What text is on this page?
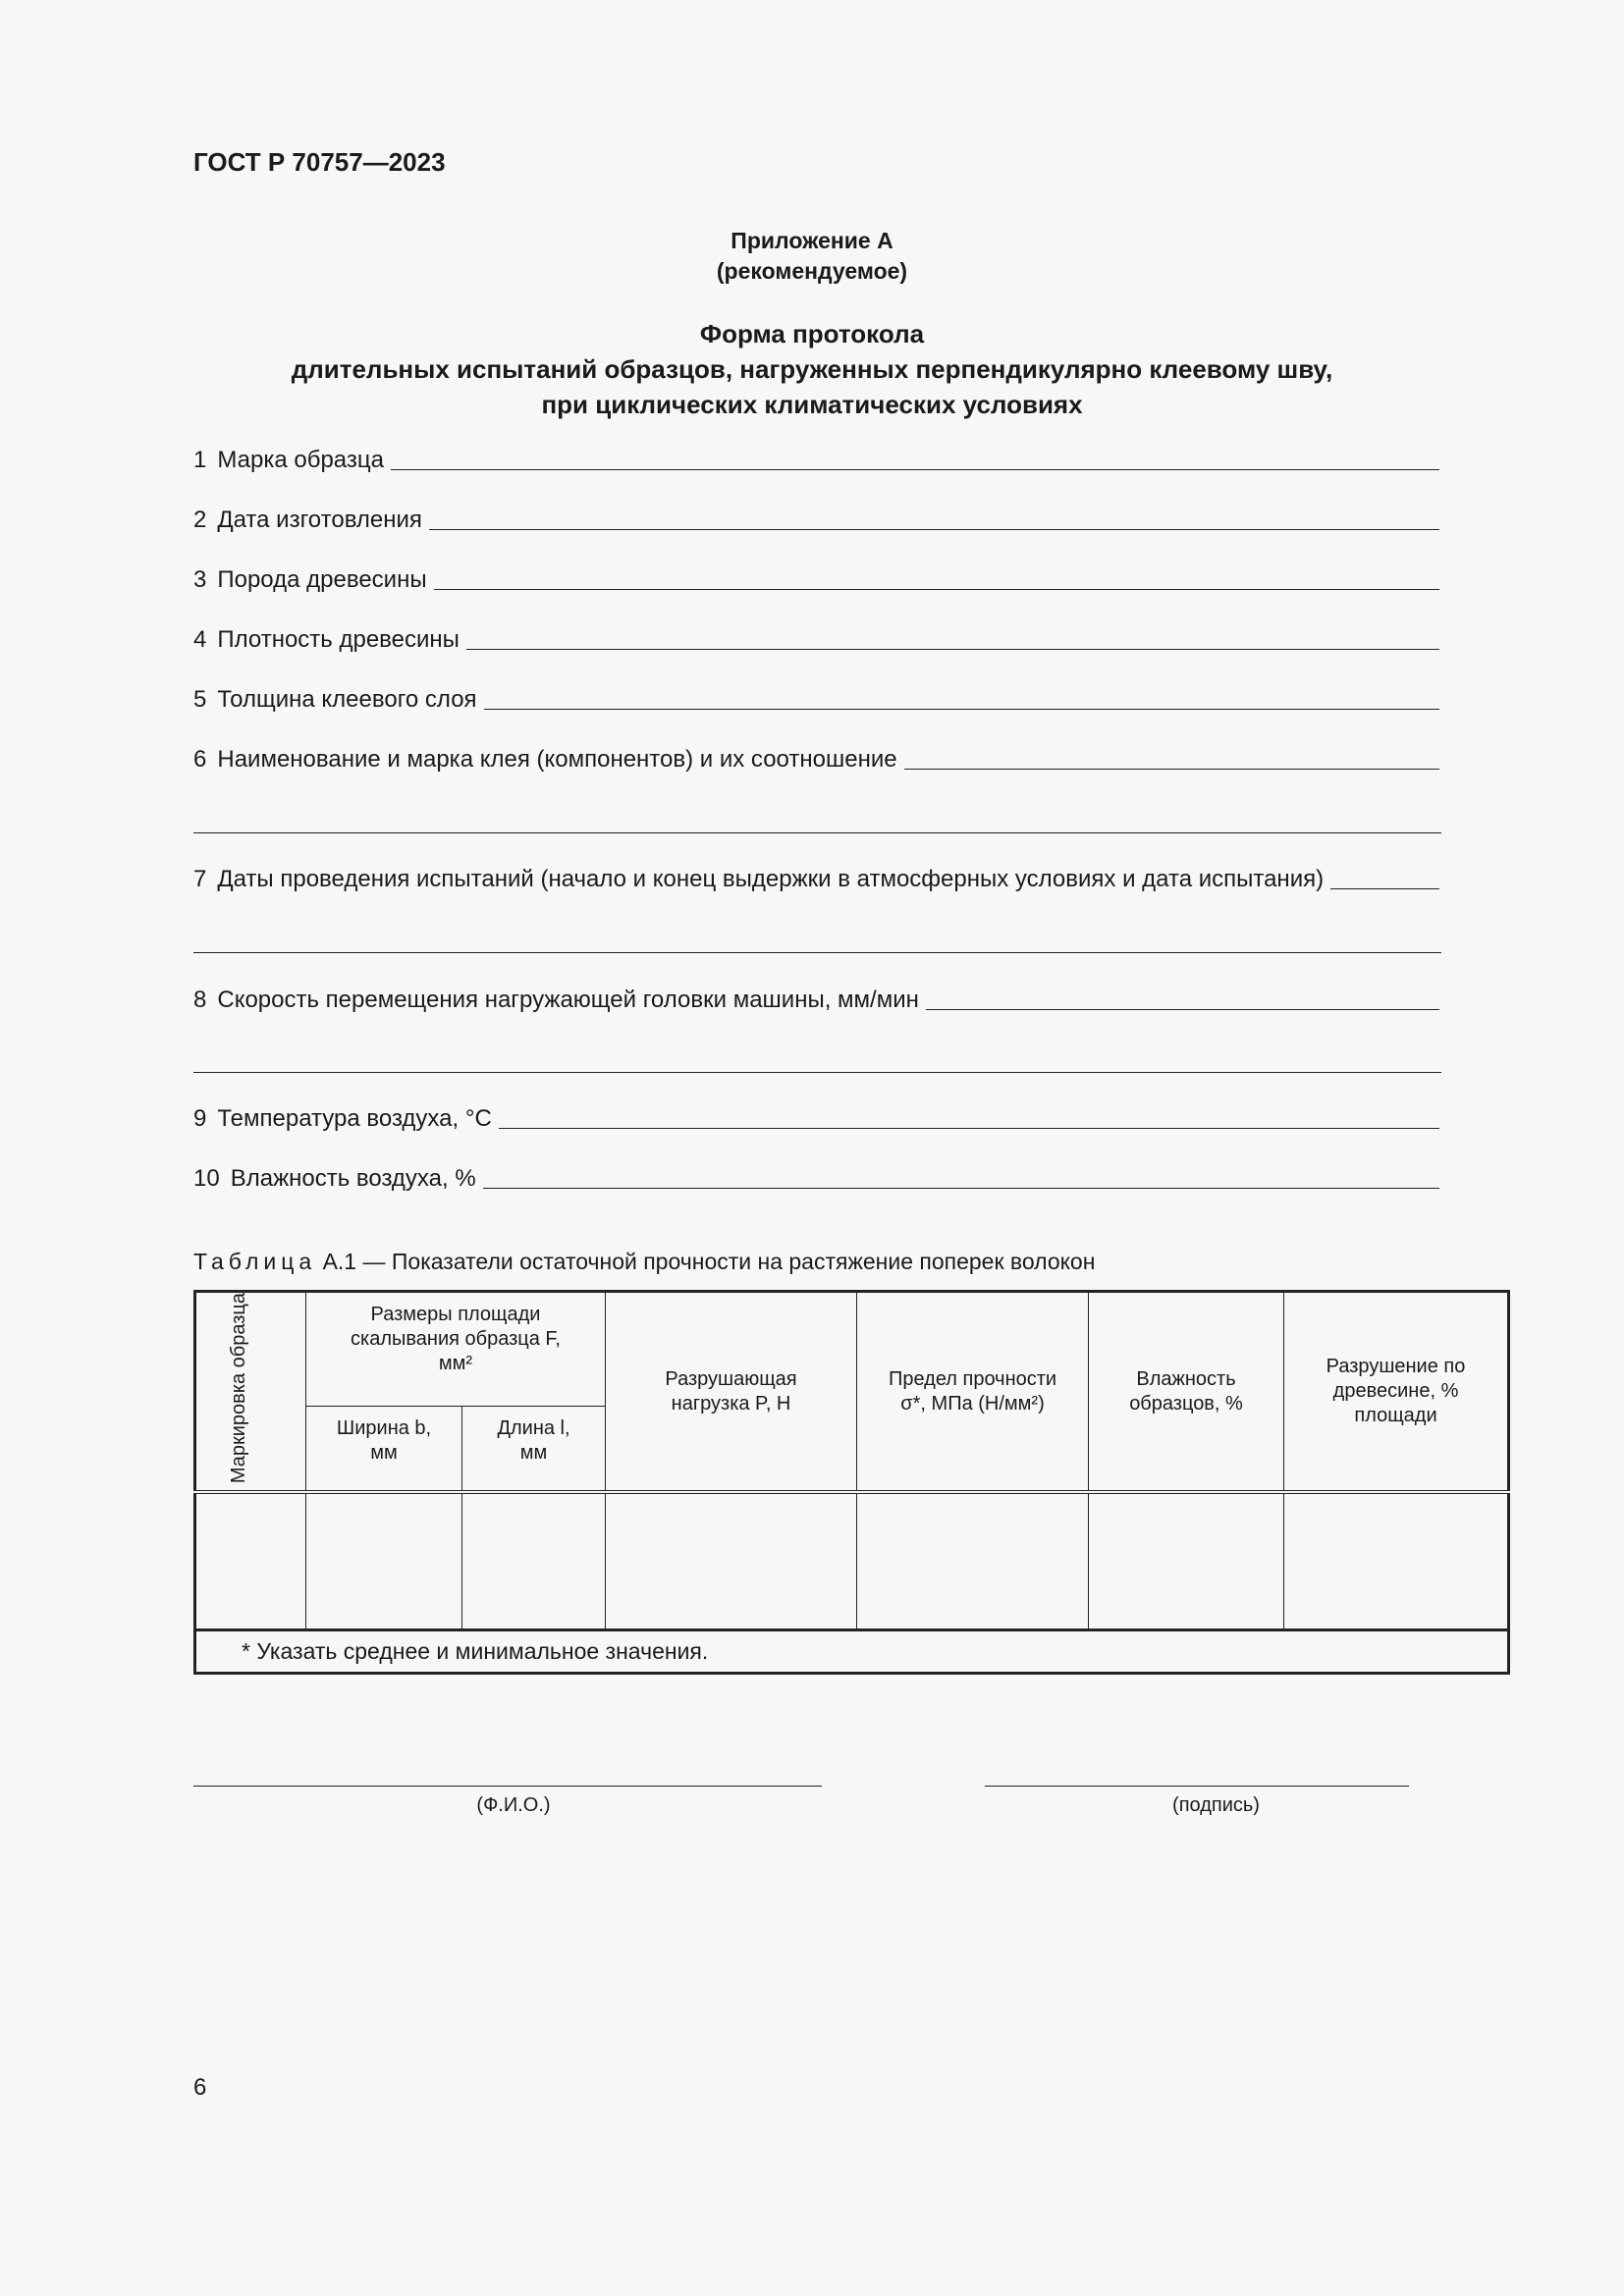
ГОСТ Р 70757—2023
Приложение А
(рекомендуемое)
Форма протокола
длительных испытаний образцов, нагруженных перпендикулярно клеевому шву,
при циклических климатических условиях
1 Марка образца
2 Дата изготовления
3 Порода древесины
4 Плотность древесины
5 Толщина клеевого слоя
6 Наименование и марка клея (компонентов) и их соотношение
7 Даты проведения испытаний (начало и конец выдержки в атмосферных условиях и дата испытания)
8 Скорость перемещения нагружающей головки машины, мм/мин
9 Температура воздуха, °С
10 Влажность воздуха, %
Таблица А.1 — Показатели остаточной прочности на растяжение поперек волокон
Маркировка образца	Размеры площади скалывания образца F, мм²		Разрушающая нагрузка P, Н	Предел прочности σ*, МПа (Н/мм²)	Влажность образцов, %	Разрушение по древесине, % площади
	Ширина b, мм	Длина l, мм				

* Указать среднее и минимальное значения.						
(Ф.И.О.)	(подпись)
6
